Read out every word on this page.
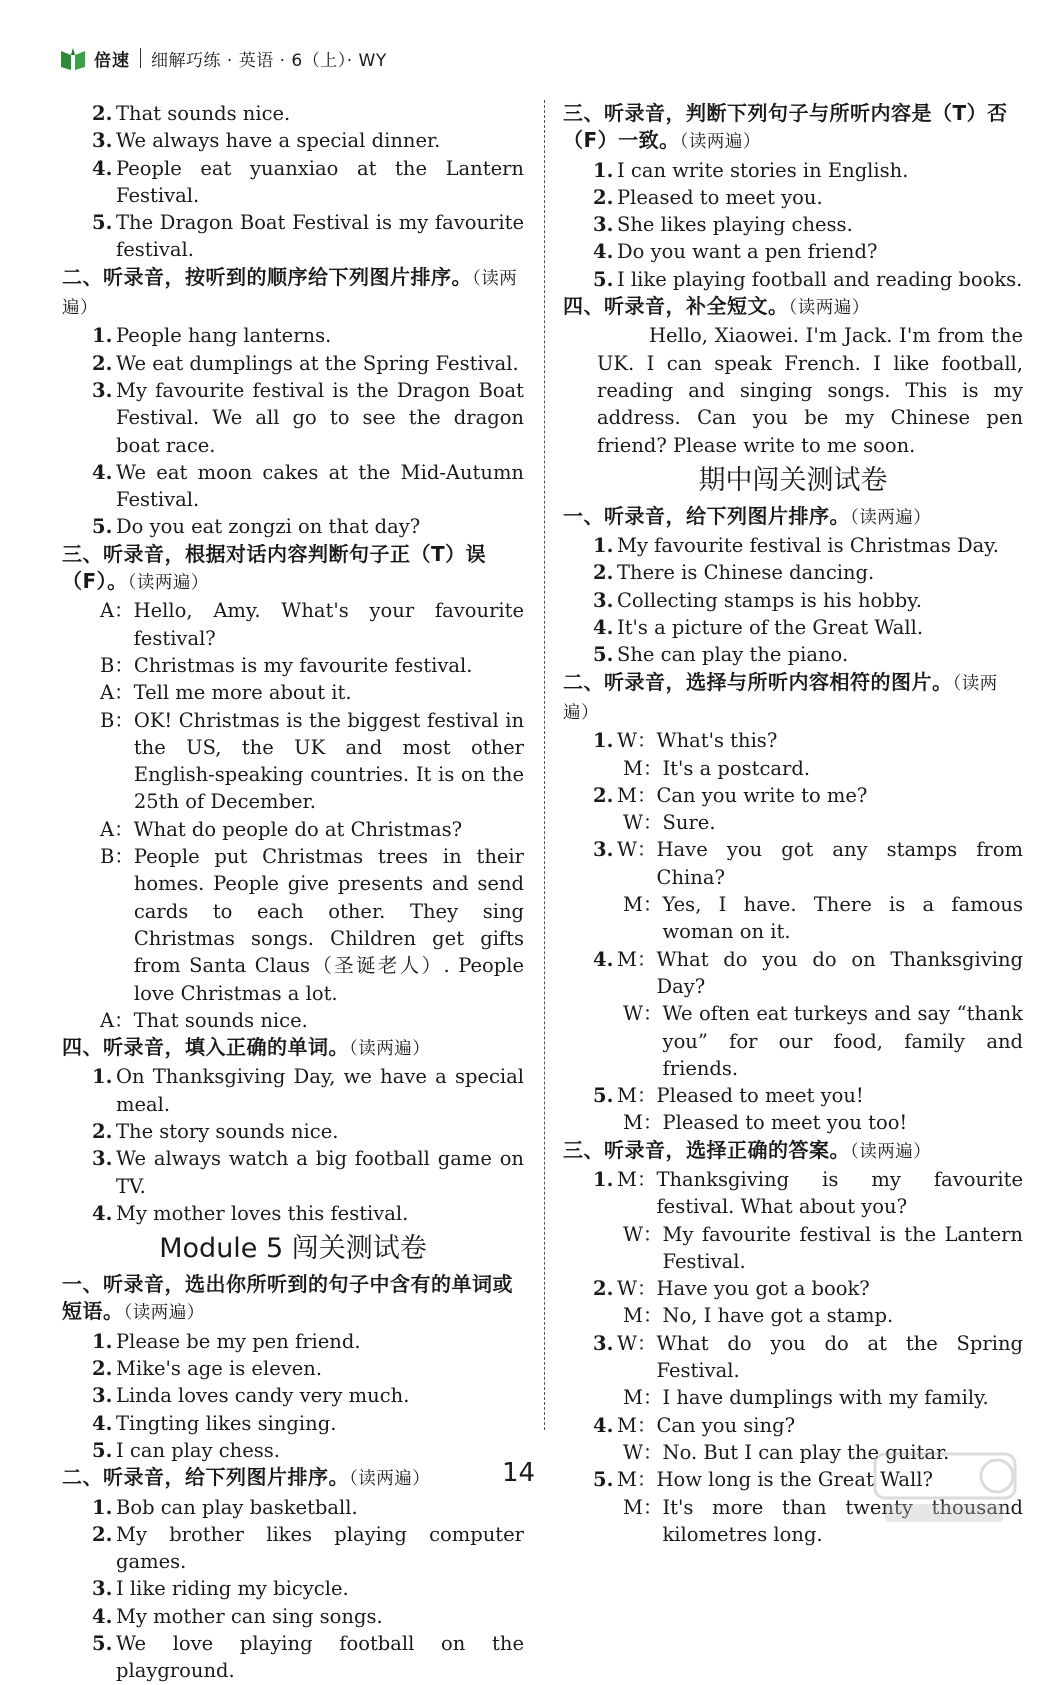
倍速 细解巧练 · 英语 · 6（上）· WY
2. That sounds nice.
3. We always have a special dinner.
4. People eat yuanxiao at the Lantern Festival.
5. The Dragon Boat Festival is my favourite festival.
二、听录音，按听到的顺序给下列图片排序。（读两遍）
1. People hang lanterns.
2. We eat dumplings at the Spring Festival.
3. My favourite festival is the Dragon Boat Festival. We all go to see the dragon boat race.
4. We eat moon cakes at the Mid-Autumn Festival.
5. Do you eat zongzi on that day?
三、听录音，根据对话内容判断句子正（T）误（F）。（读两遍）
A： Hello, Amy. What's your favourite festival?
B： Christmas is my favourite festival.
A： Tell me more about it.
B： OK! Christmas is the biggest festival in the US, the UK and most other English-speaking countries. It is on the 25th of December.
A： What do people do at Christmas?
B： People put Christmas trees in their homes. People give presents and send cards to each other. They sing Christmas songs. Children get gifts from Santa Claus（圣诞老人）. People love Christmas a lot.
A： That sounds nice.
四、听录音，填入正确的单词。（读两遍）
1. On Thanksgiving Day, we have a special meal.
2. The story sounds nice.
3. We always watch a big football game on TV.
4. My mother loves this festival.
Module 5 闯关测试卷
一、听录音，选出你所听到的句子中含有的单词或短语。（读两遍）
1. Please be my pen friend.
2. Mike's age is eleven.
3. Linda loves candy very much.
4. Tingting likes singing.
5. I can play chess.
二、听录音，给下列图片排序。（读两遍）
1. Bob can play basketball.
2. My brother likes playing computer games.
3. I like riding my bicycle.
4. My mother can sing songs.
5. We love playing football on the playground.
三、听录音，判断下列句子与所听内容是（T）否（F）一致。（读两遍）
1. I can write stories in English.
2. Pleased to meet you.
3. She likes playing chess.
4. Do you want a pen friend?
5. I like playing football and reading books.
四、听录音，补全短文。（读两遍）
Hello, Xiaowei. I'm Jack. I'm from the UK. I can speak French. I like football, reading and singing songs. This is my address. Can you be my Chinese pen friend? Please write to me soon.
期中闯关测试卷
一、听录音，给下列图片排序。（读两遍）
1. My favourite festival is Christmas Day.
2. There is Chinese dancing.
3. Collecting stamps is his hobby.
4. It's a picture of the Great Wall.
5. She can play the piano.
二、听录音，选择与所听内容相符的图片。（读两遍）
1. W： What's this?
M： It's a postcard.
2. M： Can you write to me?
W： Sure.
3. W： Have you got any stamps from China?
M： Yes, I have. There is a famous woman on it.
4. M： What do you do on Thanksgiving Day?
W： We often eat turkeys and say “thank you” for our food, family and friends.
5. M： Pleased to meet you!
M： Pleased to meet you too!
三、听录音，选择正确的答案。（读两遍）
1. M： Thanksgiving is my favourite festival. What about you?
W： My favourite festival is the Lantern Festival.
2. W： Have you got a book?
M： No, I have got a stamp.
3. W： What do you do at the Spring Festival.
M： I have dumplings with my family.
4. M： Can you sing?
W： No. But I can play the guitar.
5. M： How long is the Great Wall?
M： It's more than twenty thousand kilometres long.
14
